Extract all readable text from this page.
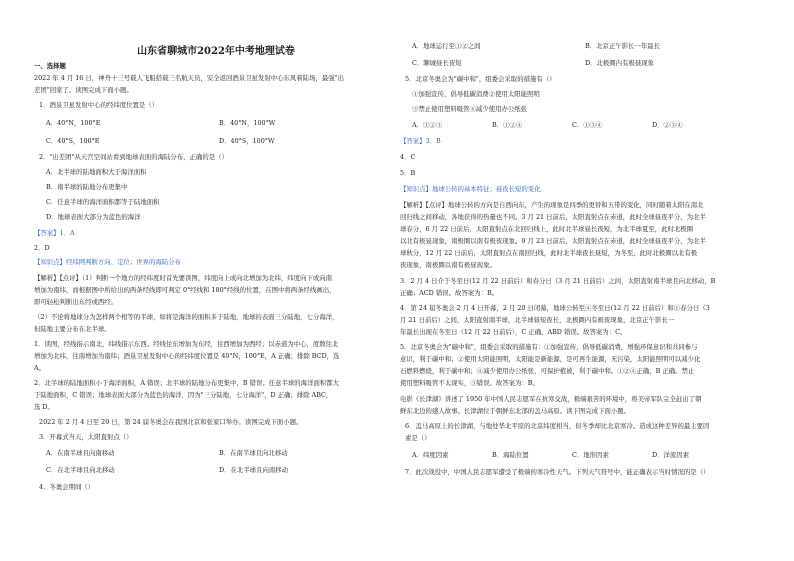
山东省聊城市2022年中考地理试卷
一、选择题
2022 年 4 月 16 日，神舟十三号载人飞船搭载三名航天员，安全返回酒泉卫星发射中心东风着陆场，最强"出
差团"回家了。读图完成下面小题。
1．酒泉卫星发射中心的经纬度位置是（）
A．40°N，100°E	B．40°N，100°W
C．40°S，100°E	D．40°S，100°W
2．"出差团"从天宫空间站看到地球表面的海陆分布，正确的是（）
A．北半球的陆地面积大于海洋面积
B．南半球的陆地分布更集中
C．任意半球的海洋面积都等于陆地面积
D．地球表面大部分为蓝色的海洋
【答案】1．A
2．D
【知识点】经纬网判断方向、定位；世界的海陆分布
【解析】【点评】（1）判断一个地方的经纬度时首先要读图，纬度向上或向北增加为北纬，纬度向下或向南
增加为南纬，而根据图中所给出的两条经线即可判定 0°经线和 180°经线的位置，在图中将两条经线画出，
即可轻松判断出东经或西经。
（2）不论将地球分为怎样两个相等的半球，如将是海洋的面积多于陆地，地球的表面三分陆地，七分海洋，
但陆地主要分布在北半球。
1．读图，经线指示南北，纬线指示东西。经线往东增加为东经，往西增加为西经；以赤道为中心，度数往北
增加为北纬，往南增加为南纬；酒泉卫星发射中心的经纬度位置是 40°N，100°E，A 正确；排除 BCD，选
A。
2．北半球的陆地面积小于海洋面积，A 错误；北半球的陆地分布更集中，B 错误；任意半球的海洋面积都大
于陆地面积，C 错误；地球表面大部分为蓝色的海洋，因为"三分陆地，七分海洋"，D 正确；排除 ABC，
选 D。
2022 年 2 月 4 日至 20 日，第 24 届冬奥会在我国北京和张家口举办。读图完成下面小题。
3．开幕式当天，太阳直射点（）
A．在南半球且向南移动	B．在南半球且向北移动
C．在北半球且向北移动	D．在北半球且向南移动
4．冬奥会期间（）
A．地球运行至①②之间	B．北京正午影长一年最长
C．聊城昼长夜短	D．北极圈内有极昼现象
5．北京冬奥会为"碳中和"，组委会采取的措施有（）
①加强宣传，倡导低碳消费②使用太阳能照明
③禁止使用塑料吸管④减少使用办公纸张
A．①②③	B．①②④	C．①③④	D．②③④
【答案】3．B
4．C
5．B
【知识点】地球公转的基本特征；昼夜长短的变化
【解析】【点评】地球公转的方向是自西向东，产生的现象是四季的更替和五带的变化，同时随着太阳在南北
回归线之间移动，各地获得的热量也不同。3 月 21 日前后，太阳直射点在赤道，此时全球昼夜平分，为北半
球春分，6 月 22 日前后，太阳直射点在北回归线上，此时北半球昼长夜短，为北半球夏至，此时北极圈
以北有极昼现象，南极圈以南有极夜现象。9 月 23 日前后，太阳直射点在赤道，此时全球昼夜平分，为北半
球秋分，12 月 22 日前后，太阳直射点在南回归线，此时北半球夜长昼短，为冬至，此时北极圈以北有极
夜现象，南极圈以南有极昼现象。
3．2 月 4 日介于冬至日(12 月 22 日前后）和春分日（3 月 21 日前后）之间，太阳直射南半球且向北移动，B
正确；ACD 错误。故答案为：B。
4．第 24 届冬奥会 2 月 4 日开幕，2 月 20 日闭幕，地球公转至④冬至日(12 月 22 日前后）和①春分日（3
月 21 日前后）之间，太阳直射南半球，北半球昼短夜长，北极圈内有极夜现象，北京正午影长一
年最长出现在冬至日（12 月 22 日前后），C 正确，ABD 错误。故答案为：C。
5．北京冬奥会为"碳中和"，组委会采取的措施有：①加强宣传，倡导低碳消费，增强环保意识和共同参与
意识，利于碳中和；②使用太阳能照明，太阳能是新能源，是可再生能源，无污染，太阳能照明可以减少化
石燃料燃烧，利于碳中和；④减少使用办公纸张，可保护植被，利于碳中和。①②④正确，B 正确。禁止
使用塑料吸管不太现实，③错误。故答案为：B。
电影《长津湖》讲述了 1950 年中国人民志愿军在抗寒交战，极端艰苦的环境中，将美帝军队完全赶出了朝
鲜东北边的感人故事。长津湖位于朝鲜东北部的盖马高原。读下图完成下面小题。
6．盖马高原上的长津湖，与地处华北平原的北京纬度相当，但冬季却比北京寒冷。造成这种差异的最主要因
素是（）
A．纬度因素	B．海陆位置	C．地形因素	D．洋流因素
7．此次战役中，中国人民志愿军遭受了极端的寒冷性天气。下列天气符号中，能正确表示当时情况的是（）
